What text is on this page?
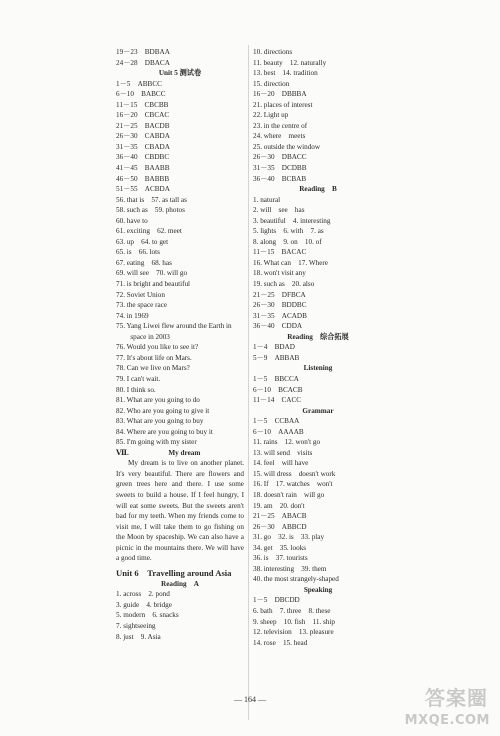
19－23　BDBAA
24－28　DBACA
Unit 5 测试卷
1－5　ABBCC
6－10　BABCC
11－15　CBCBB
16－20　CBCAC
21－25　BACDB
26－30　CABDA
31－35　CBADA
36－40　CBDBC
41－45　BAABB
46－50　BABBB
51－55　ACBDA
56. that is　57. as tall as
58. such as　59. photos
60. have to
61. exciting　62. meet
63. up　64. to get
65. is　66. lots
67. eating　68. has
69. will see　70. will go
71. is bright and beautiful
72. Soviet Union
73. the space race
74. in 1969
75. Yang Liwei flew around the Earth in
　　space in 2003
76. Would you like to see it?
77. It's about life on Mars.
78. Can we live on Mars?
79. I can't wait.
80. I think so.
81. What are you going to do
82. Who are you going to give it
83. What are you going to buy
84. Where are you going to buy it
85. I'm going with my sister
Ⅶ.	My dream

My dream is to live on another planet. It's very beautiful. There are flowers and green trees here and there. I use some sweets to build a house. If I feel hungry, I will eat some sweets. But the sweets aren't bad for my teeth. When my friends come to visit me, I will take them to go fishing on the Moon by spaceship. We can also have a picnic in the mountains there. We will have a good time.

Unit 6　Travelling around Asia
Reading　A
1. across　2. pond
3. guide　4. bridge
5. modern　6. snacks
7. sightseeing
8. just　9. Asia
10. directions
11. beauty　12. naturally
13. best　14. tradition
15. direction
16－20　DBBBA
21. places of interest
22. Light up
23. in the centre of
24. where　meets
25. outside the window
26－30　DBACC
31－35　DCDBB
36－40　BCBAB
Reading　B
1. natural
2. will　see　has
3. beautiful　4. interesting
5. lights　6. with　7. as
8. along　9. on　10. of
11－15　BACAC
16. What can　17. Where
18. won't visit any
19. such as　20. also
21－25　DFBCA
26－30　BDDBC
31－35　ACADB
36－40　CDDA
Reading　综合拓展
1－4　BDAD
5－9　ABBAB
Listening
1－5　BBCCA
6－10　BCACB
11－14　CACC
Grammar
1－5　CCBAA
6－10　AAAAB
11. rains　12. won't go
13. will send　visits
14. feel　will have
15. will dress　doesn't work
16. If　17. watches　won't
18. doesn't rain　will go
19. am　20. don't
21－25　ABACB
26－30　ABBCD
31. go　32. is　33. play
34. get　35. looks
36. is　37. tourists
38. interesting　39. them
40. the most strangely-shaped
Speaking
1－5　DBCDD
6. bath　7. three　8. these
9. sheep　10. fish　11. ship
12. television　13. pleasure
14. rose　15. head
— 164 —	答案圈
MXQE.COM
